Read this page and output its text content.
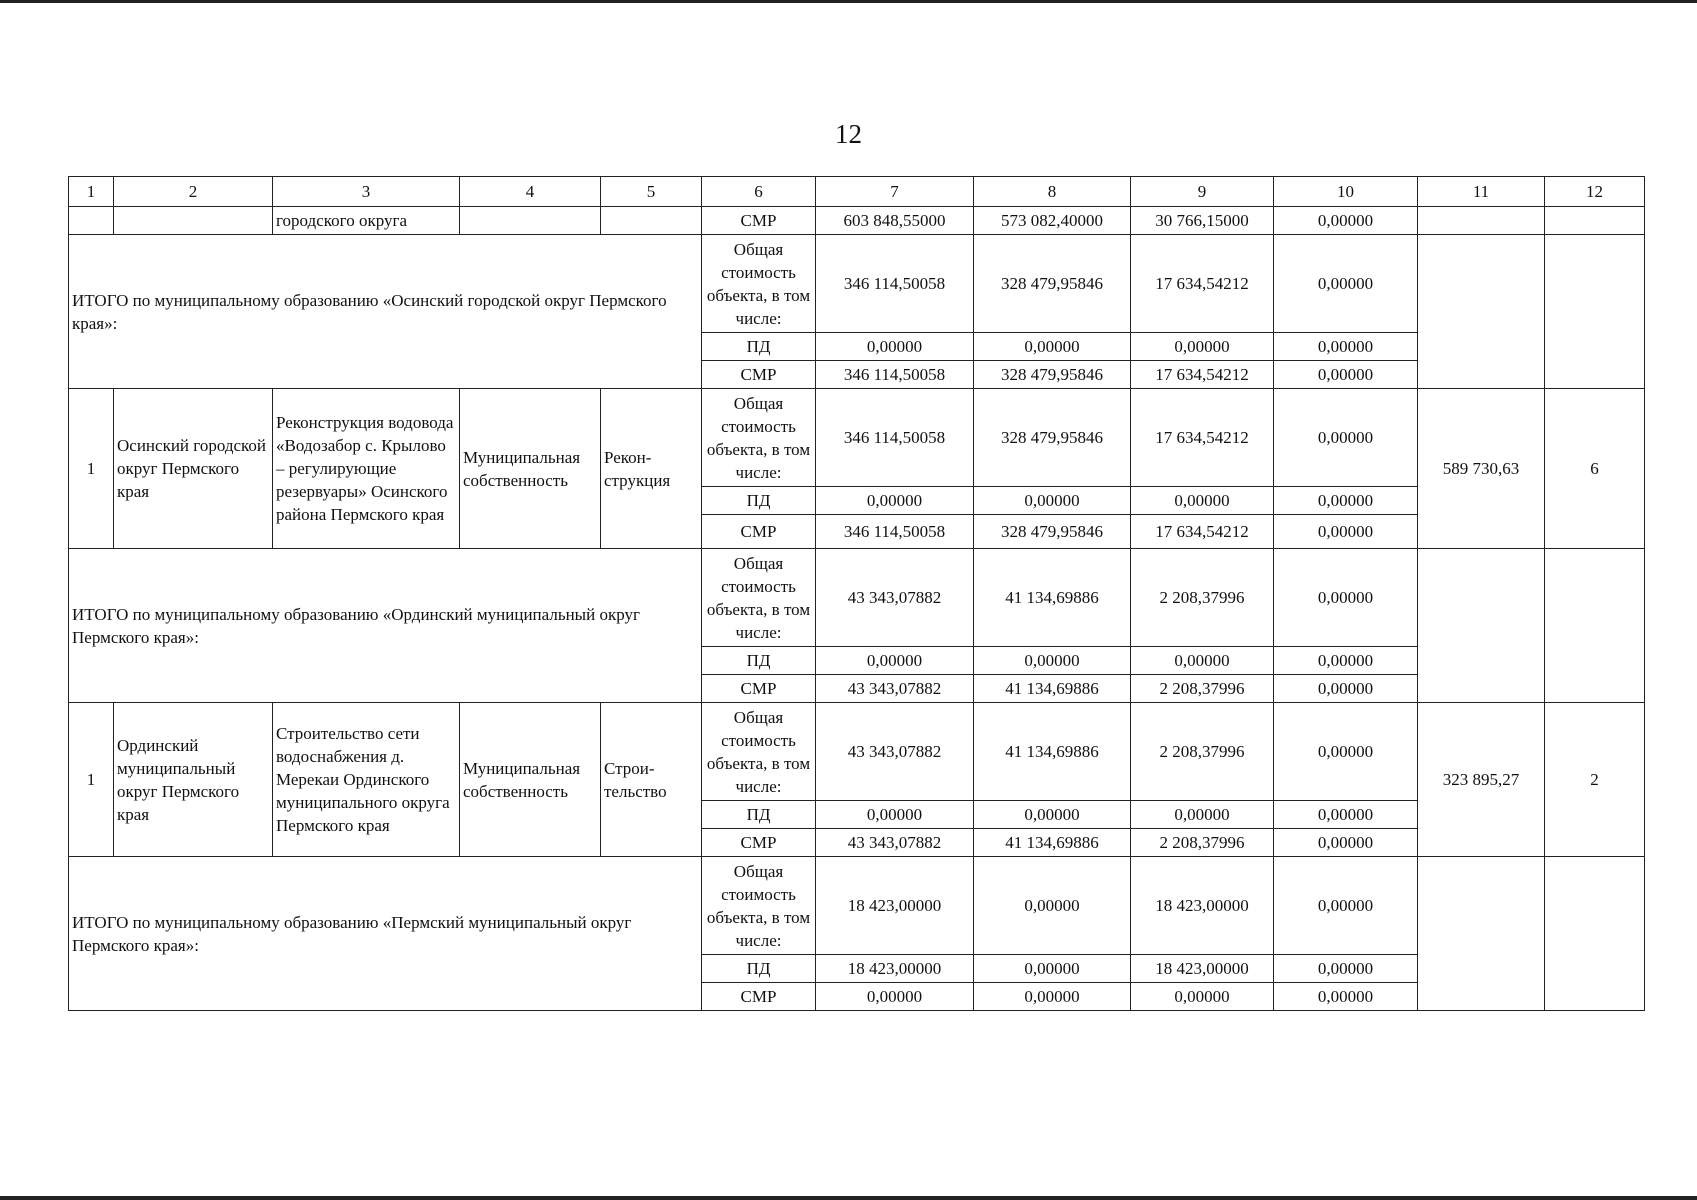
12
1	2	3	4	5	6	7	8	9	10	11	12
		городского округа			СМР	603 848,55000	573 082,40000	30 766,15000	0,00000		
ИТОГО по муниципальному образованию «Осинский городской округ Пермского края»:					Общая стоимость объекта, в том числе:	346 114,50058	328 479,95846	17 634,54212	0,00000		
					ПД	0,00000	0,00000	0,00000	0,00000		
					СМР	346 114,50058	328 479,95846	17 634,54212	0,00000		
1	Осинский городской округ Пермского края	Реконструкция водовода «Водозабор с. Крылово – регулирующие резервуары» Осинского района Пермского края	Муниципальная собственность	Рекон-струкция	Общая стоимость объекта, в том числе:	346 114,50058	328 479,95846	17 634,54212	0,00000	589 730,63	6
					ПД	0,00000	0,00000	0,00000	0,00000		
					СМР	346 114,50058	328 479,95846	17 634,54212	0,00000		
ИТОГО по муниципальному образованию «Ординский муниципальный округ Пермского края»:					Общая стоимость объекта, в том числе:	43 343,07882	41 134,69886	2 208,37996	0,00000		
					ПД	0,00000	0,00000	0,00000	0,00000		
					СМР	43 343,07882	41 134,69886	2 208,37996	0,00000		
1	Ординский муниципальный округ Пермского края	Строительство сети водоснабжения д. Мерекаи Ординского муниципального округа Пермского края	Муниципальная собственность	Строи-тельство	Общая стоимость объекта, в том числе:	43 343,07882	41 134,69886	2 208,37996	0,00000	323 895,27	2
					ПД	0,00000	0,00000	0,00000	0,00000		
					СМР	43 343,07882	41 134,69886	2 208,37996	0,00000		
ИТОГО по муниципальному образованию «Пермский муниципальный округ Пермского края»:					Общая стоимость объекта, в том числе:	18 423,00000	0,00000	18 423,00000	0,00000		
					ПД	18 423,00000	0,00000	18 423,00000	0,00000		
					СМР	0,00000	0,00000	0,00000	0,00000		
